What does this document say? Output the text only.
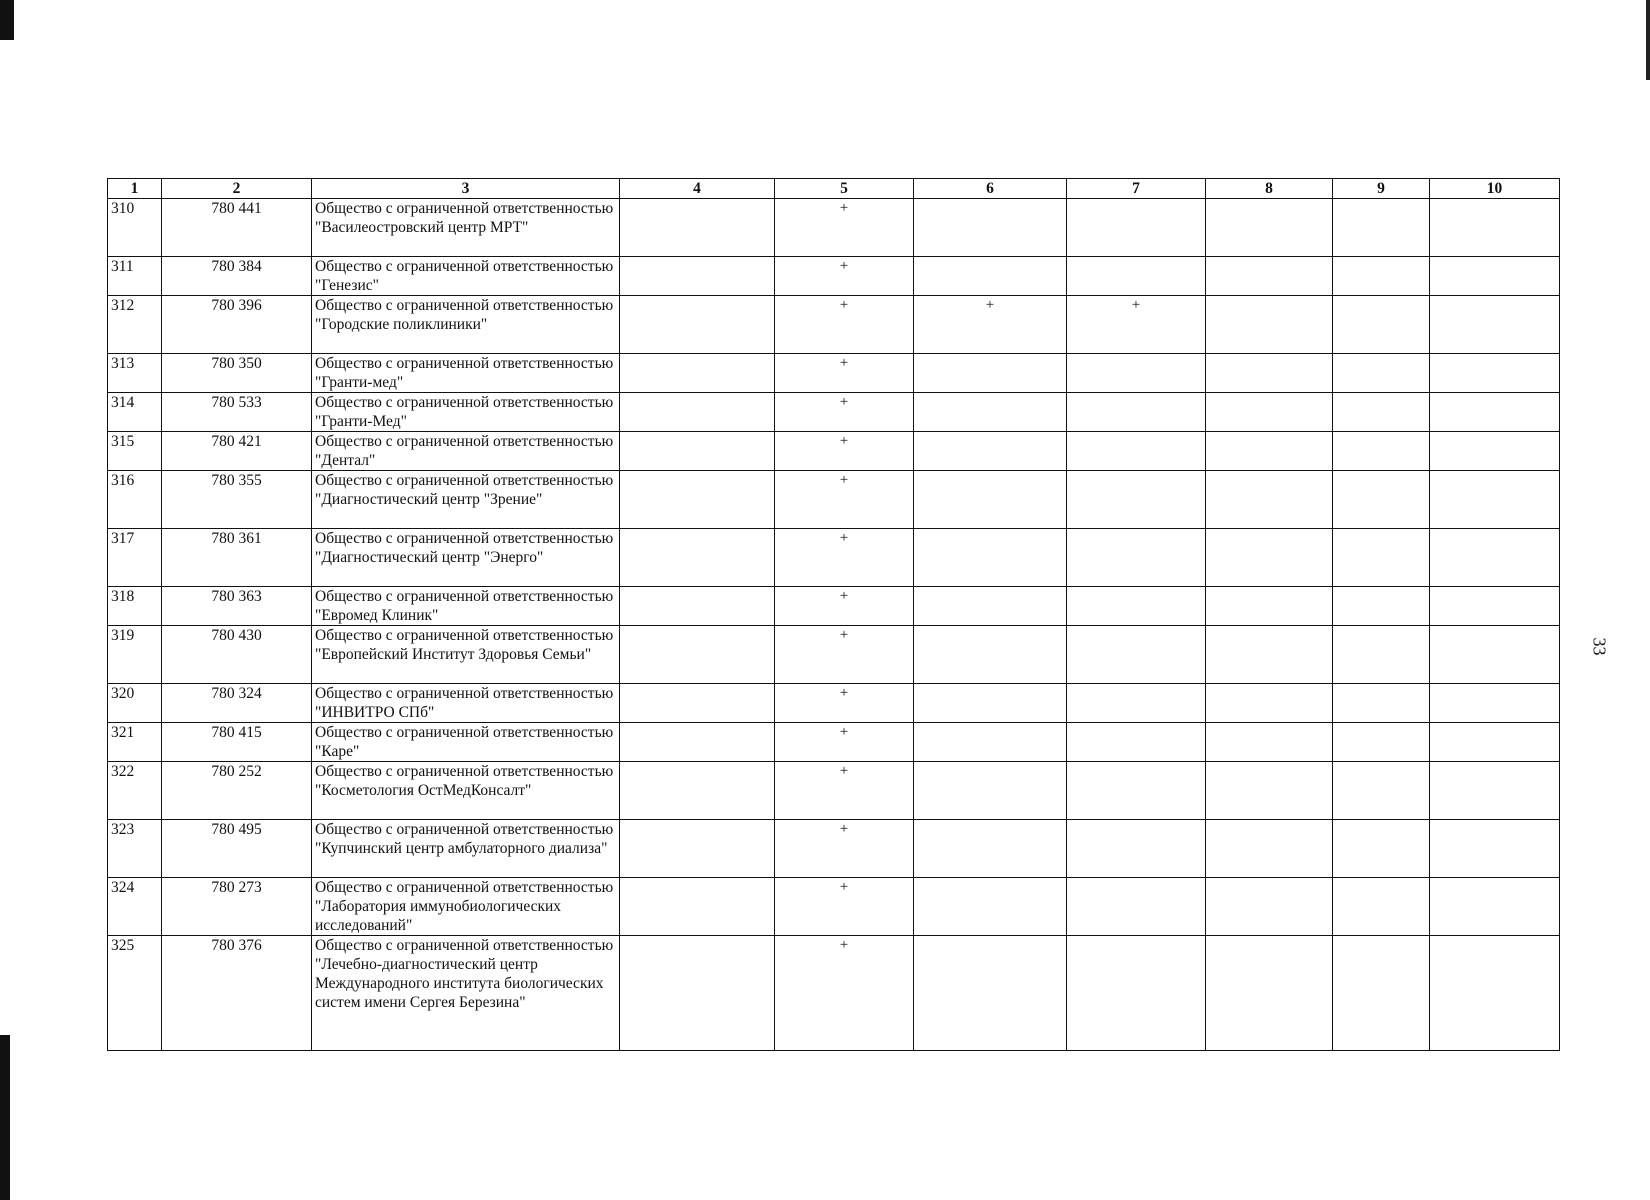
33
1	2	3	4	5	6	7	8	9	10
310	780 441	Общество с ограниченной ответственностью "Василеостровский центр МРТ"		+					
311	780 384	Общество с ограниченной ответственностью "Генезис"		+					
312	780 396	Общество с ограниченной ответственностью "Городские поликлиники"		+	+	+			
313	780 350	Общество с ограниченной ответственностью "Гранти-мед"		+					
314	780 533	Общество с ограниченной ответственностью "Гранти-Мед"		+					
315	780 421	Общество с ограниченной ответственностью "Дентал"		+					
316	780 355	Общество с ограниченной ответственностью "Диагностический центр "Зрение"		+					
317	780 361	Общество с ограниченной ответственностью "Диагностический центр "Энерго"		+					
318	780 363	Общество с ограниченной ответственностью "Евромед Клиник"		+					
319	780 430	Общество с ограниченной ответственностью "Европейский Институт Здоровья Семьи"		+					
320	780 324	Общество с ограниченной ответственностью "ИНВИТРО СПб"		+					
321	780 415	Общество с ограниченной ответственностью "Каре"		+					
322	780 252	Общество с ограниченной ответственностью "Косметология ОстМедКонсалт"		+					
323	780 495	Общество с ограниченной ответственностью "Купчинский центр амбулаторного диализа"		+					
324	780 273	Общество с ограниченной ответственностью "Лаборатория иммунобиологических исследований"		+					
325	780 376	Общество с ограниченной ответственностью "Лечебно-диагностический центр Международного института биологических систем имени Сергея Березина"		+					
